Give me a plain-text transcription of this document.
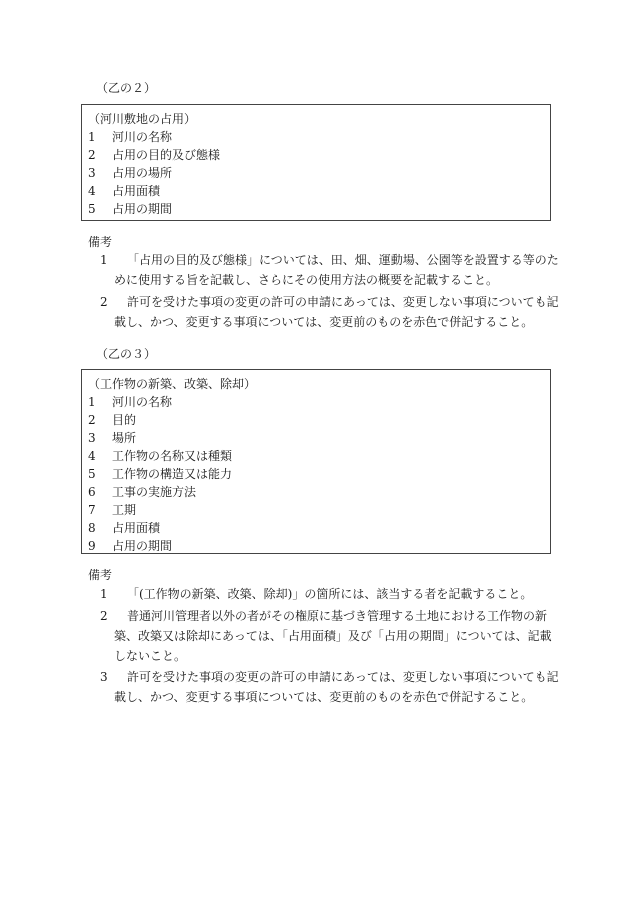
（乙の２）
（河川敷地の占用）
1 河川の名称
2 占用の目的及び態様
3 占用の場所
4 占用面積
5 占用の期間
備考
1	「占用の目的及び態様」については、田、畑、運動場、公園等を設置する等のために使用する旨を記載し、さらにその使用方法の概要を記載すること。
2	許可を受けた事項の変更の許可の申請にあっては、変更しない事項についても記載し、かつ、変更する事項については、変更前のものを赤色で併記すること。
（乙の３）
（工作物の新築、改築、除却）
1 河川の名称
2 目的
3 場所
4 工作物の名称又は種類
5 工作物の構造又は能力
6 工事の実施方法
7 工期
8 占用面積
9 占用の期間
備考
1	「(工作物の新築、改築、除却)」の箇所には、該当する者を記載すること。
2	普通河川管理者以外の者がその権原に基づき管理する土地における工作物の新築、改築又は除却にあっては、「占用面積」及び「占用の期間」については、記載しないこと。
3	許可を受けた事項の変更の許可の申請にあっては、変更しない事項についても記載し、かつ、変更する事項については、変更前のものを赤色で併記すること。
